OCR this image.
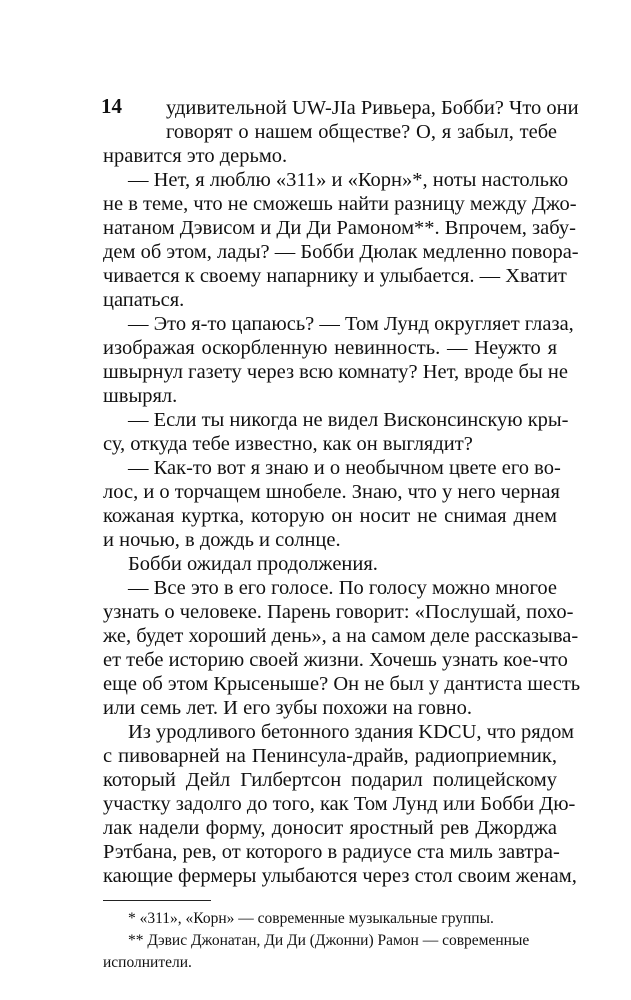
14 удивительной UW-JIa Ривьера, Бобби? Что они
говорят о нашем обществе? О, я забыл, тебе
нравится это дерьмо.
— Нет, я люблю «311» и «Корн»*, ноты настолько
не в теме, что не сможешь найти разницу между Джо-
натаном Дэвисом и Ди Ди Рамоном**. Впрочем, забу-
дем об этом, лады? — Бобби Дюлак медленно повора-
чивается к своему напарнику и улыбается. — Хватит
цапаться.
— Это я-то цапаюсь? — Том Лунд округляет глаза,
изображая оскорбленную невинность. — Неужто я
швырнул газету через всю комнату? Нет, вроде бы не
швырял.
— Если ты никогда не видел Висконсинскую кры-
су, откуда тебе известно, как он выглядит?
— Как-то вот я знаю и о необычном цвете его во-
лос, и о торчащем шнобеле. Знаю, что у него черная
кожаная куртка, которую он носит не снимая днем
и ночью, в дождь и солнце.
Бобби ожидал продолжения.
— Все это в его голосе. По голосу можно многое
узнать о человеке. Парень говорит: «Послушай, похо-
же, будет хороший день», а на самом деле рассказыва-
ет тебе историю своей жизни. Хочешь узнать кое-что
еще об этом Крысеныше? Он не был у дантиста шесть
или семь лет. И его зубы похожи на говно.
Из уродливого бетонного здания KDCU, что рядом
с пивоварней на Пенинсула-драйв, радиоприемник,
который Дейл Гилбертсон подарил полицейскому
участку задолго до того, как Том Лунд или Бобби Дю-
лак надели форму, доносит яростный рев Джорджа
Рэтбана, рев, от которого в радиусе ста миль завтра-
кающие фермеры улыбаются через стол своим женам,
* «311», «Корн» — современные музыкальные группы.
** Дэвис Джонатан, Ди Ди (Джонни) Рамон — современные
исполнители.
